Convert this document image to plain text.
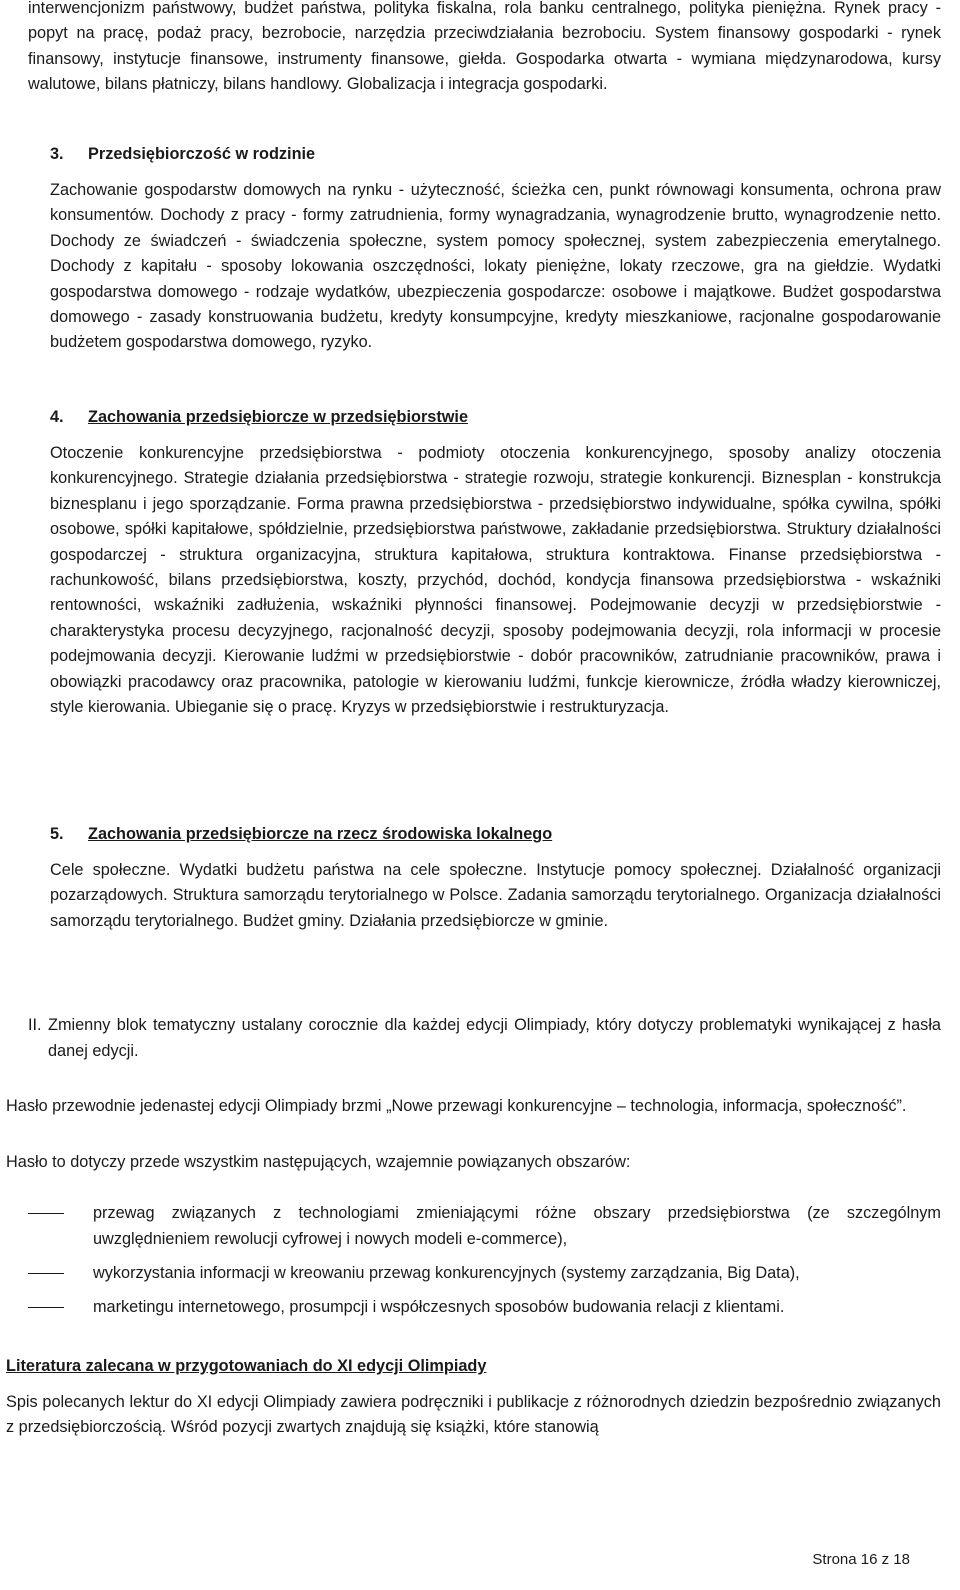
interwencjonizm państwowy, budżet państwa, polityka fiskalna, rola banku centralnego, polityka pieniężna. Rynek pracy - popyt na pracę, podaż pracy, bezrobocie, narzędzia przeciwdziałania bezrobociu. System finansowy gospodarki - rynek finansowy, instytucje finansowe, instrumenty finansowe, giełda. Gospodarka otwarta - wymiana międzynarodowa, kursy walutowe, bilans płatniczy, bilans handlowy. Globalizacja i integracja gospodarki.

3. Przedsiębiorczość w rodzinie

Zachowanie gospodarstw domowych na rynku - użyteczność, ścieżka cen, punkt równowagi konsumenta, ochrona praw konsumentów. Dochody z pracy - formy zatrudnienia, formy wynagradzania, wynagrodzenie brutto, wynagrodzenie netto. Dochody ze świadczeń - świadczenia społeczne, system pomocy społecznej, system zabezpieczenia emerytalnego. Dochody z kapitału - sposoby lokowania oszczędności, lokaty pieniężne, lokaty rzeczowe, gra na giełdzie. Wydatki gospodarstwa domowego - rodzaje wydatków, ubezpieczenia gospodarcze: osobowe i majątkowe. Budżet gospodarstwa domowego - zasady konstruowania budżetu, kredyty konsumpcyjne, kredyty mieszkaniowe, racjonalne gospodarowanie budżetem gospodarstwa domowego, ryzyko.

4. Zachowania przedsiębiorcze w przedsiębiorstwie

Otoczenie konkurencyjne przedsiębiorstwa - podmioty otoczenia konkurencyjnego, sposoby analizy otoczenia konkurencyjnego. Strategie działania przedsiębiorstwa - strategie rozwoju, strategie konkurencji. Biznesplan - konstrukcja biznesplanu i jego sporządzanie. Forma prawna przedsiębiorstwa - przedsiębiorstwo indywidualne, spółka cywilna, spółki osobowe, spółki kapitałowe, spółdzielnie, przedsiębiorstwa państwowe, zakładanie przedsiębiorstwa. Struktury działalności gospodarczej - struktura organizacyjna, struktura kapitałowa, struktura kontraktowa. Finanse przedsiębiorstwa - rachunkowość, bilans przedsiębiorstwa, koszty, przychód, dochód, kondycja finansowa przedsiębiorstwa - wskaźniki rentowności, wskaźniki zadłużenia, wskaźniki płynności finansowej. Podejmowanie decyzji w przedsiębiorstwie - charakterystyka procesu decyzyjnego, racjonalność decyzji, sposoby podejmowania decyzji, rola informacji w procesie podejmowania decyzji. Kierowanie ludźmi w przedsiębiorstwie - dobór pracowników, zatrudnianie pracowników, prawa i obowiązki pracodawcy oraz pracownika, patologie w kierowaniu ludźmi, funkcje kierownicze, źródła władzy kierowniczej, style kierowania. Ubieganie się o pracę. Kryzys w przedsiębiorstwie i restrukturyzacja.

5. Zachowania przedsiębiorcze na rzecz środowiska lokalnego

Cele społeczne. Wydatki budżetu państwa na cele społeczne. Instytucje pomocy społecznej. Działalność organizacji pozarządowych. Struktura samorządu terytorialnego w Polsce. Zadania samorządu terytorialnego. Organizacja działalności samorządu terytorialnego. Budżet gminy. Działania przedsiębiorcze w gminie.

II. Zmienny blok tematyczny ustalany corocznie dla każdej edycji Olimpiady, który dotyczy problematyki wynikającej z hasła danej edycji.

Hasło przewodnie jedenastej edycji Olimpiady brzmi „Nowe przewagi konkurencyjne – technologia, informacja, społeczność”.

Hasło to dotyczy przede wszystkim następujących, wzajemnie powiązanych obszarów:

przewag związanych z technologiami zmieniającymi różne obszary przedsiębiorstwa (ze szczególnym uwzględnieniem rewolucji cyfrowej i nowych modeli e-commerce),
wykorzystania informacji w kreowaniu przewag konkurencyjnych (systemy zarządzania, Big Data),
marketingu internetowego, prosumpcji i współczesnych sposobów budowania relacji z klientami.

Literatura zalecana w przygotowaniach do XI edycji Olimpiady

Spis polecanych lektur do XI edycji Olimpiady zawiera podręczniki i publikacje z różnorodnych dziedzin bezpośrednio związanych z przedsiębiorczością. Wśród pozycji zwartych znajdują się książki, które stanowią

Strona 16 z 18
